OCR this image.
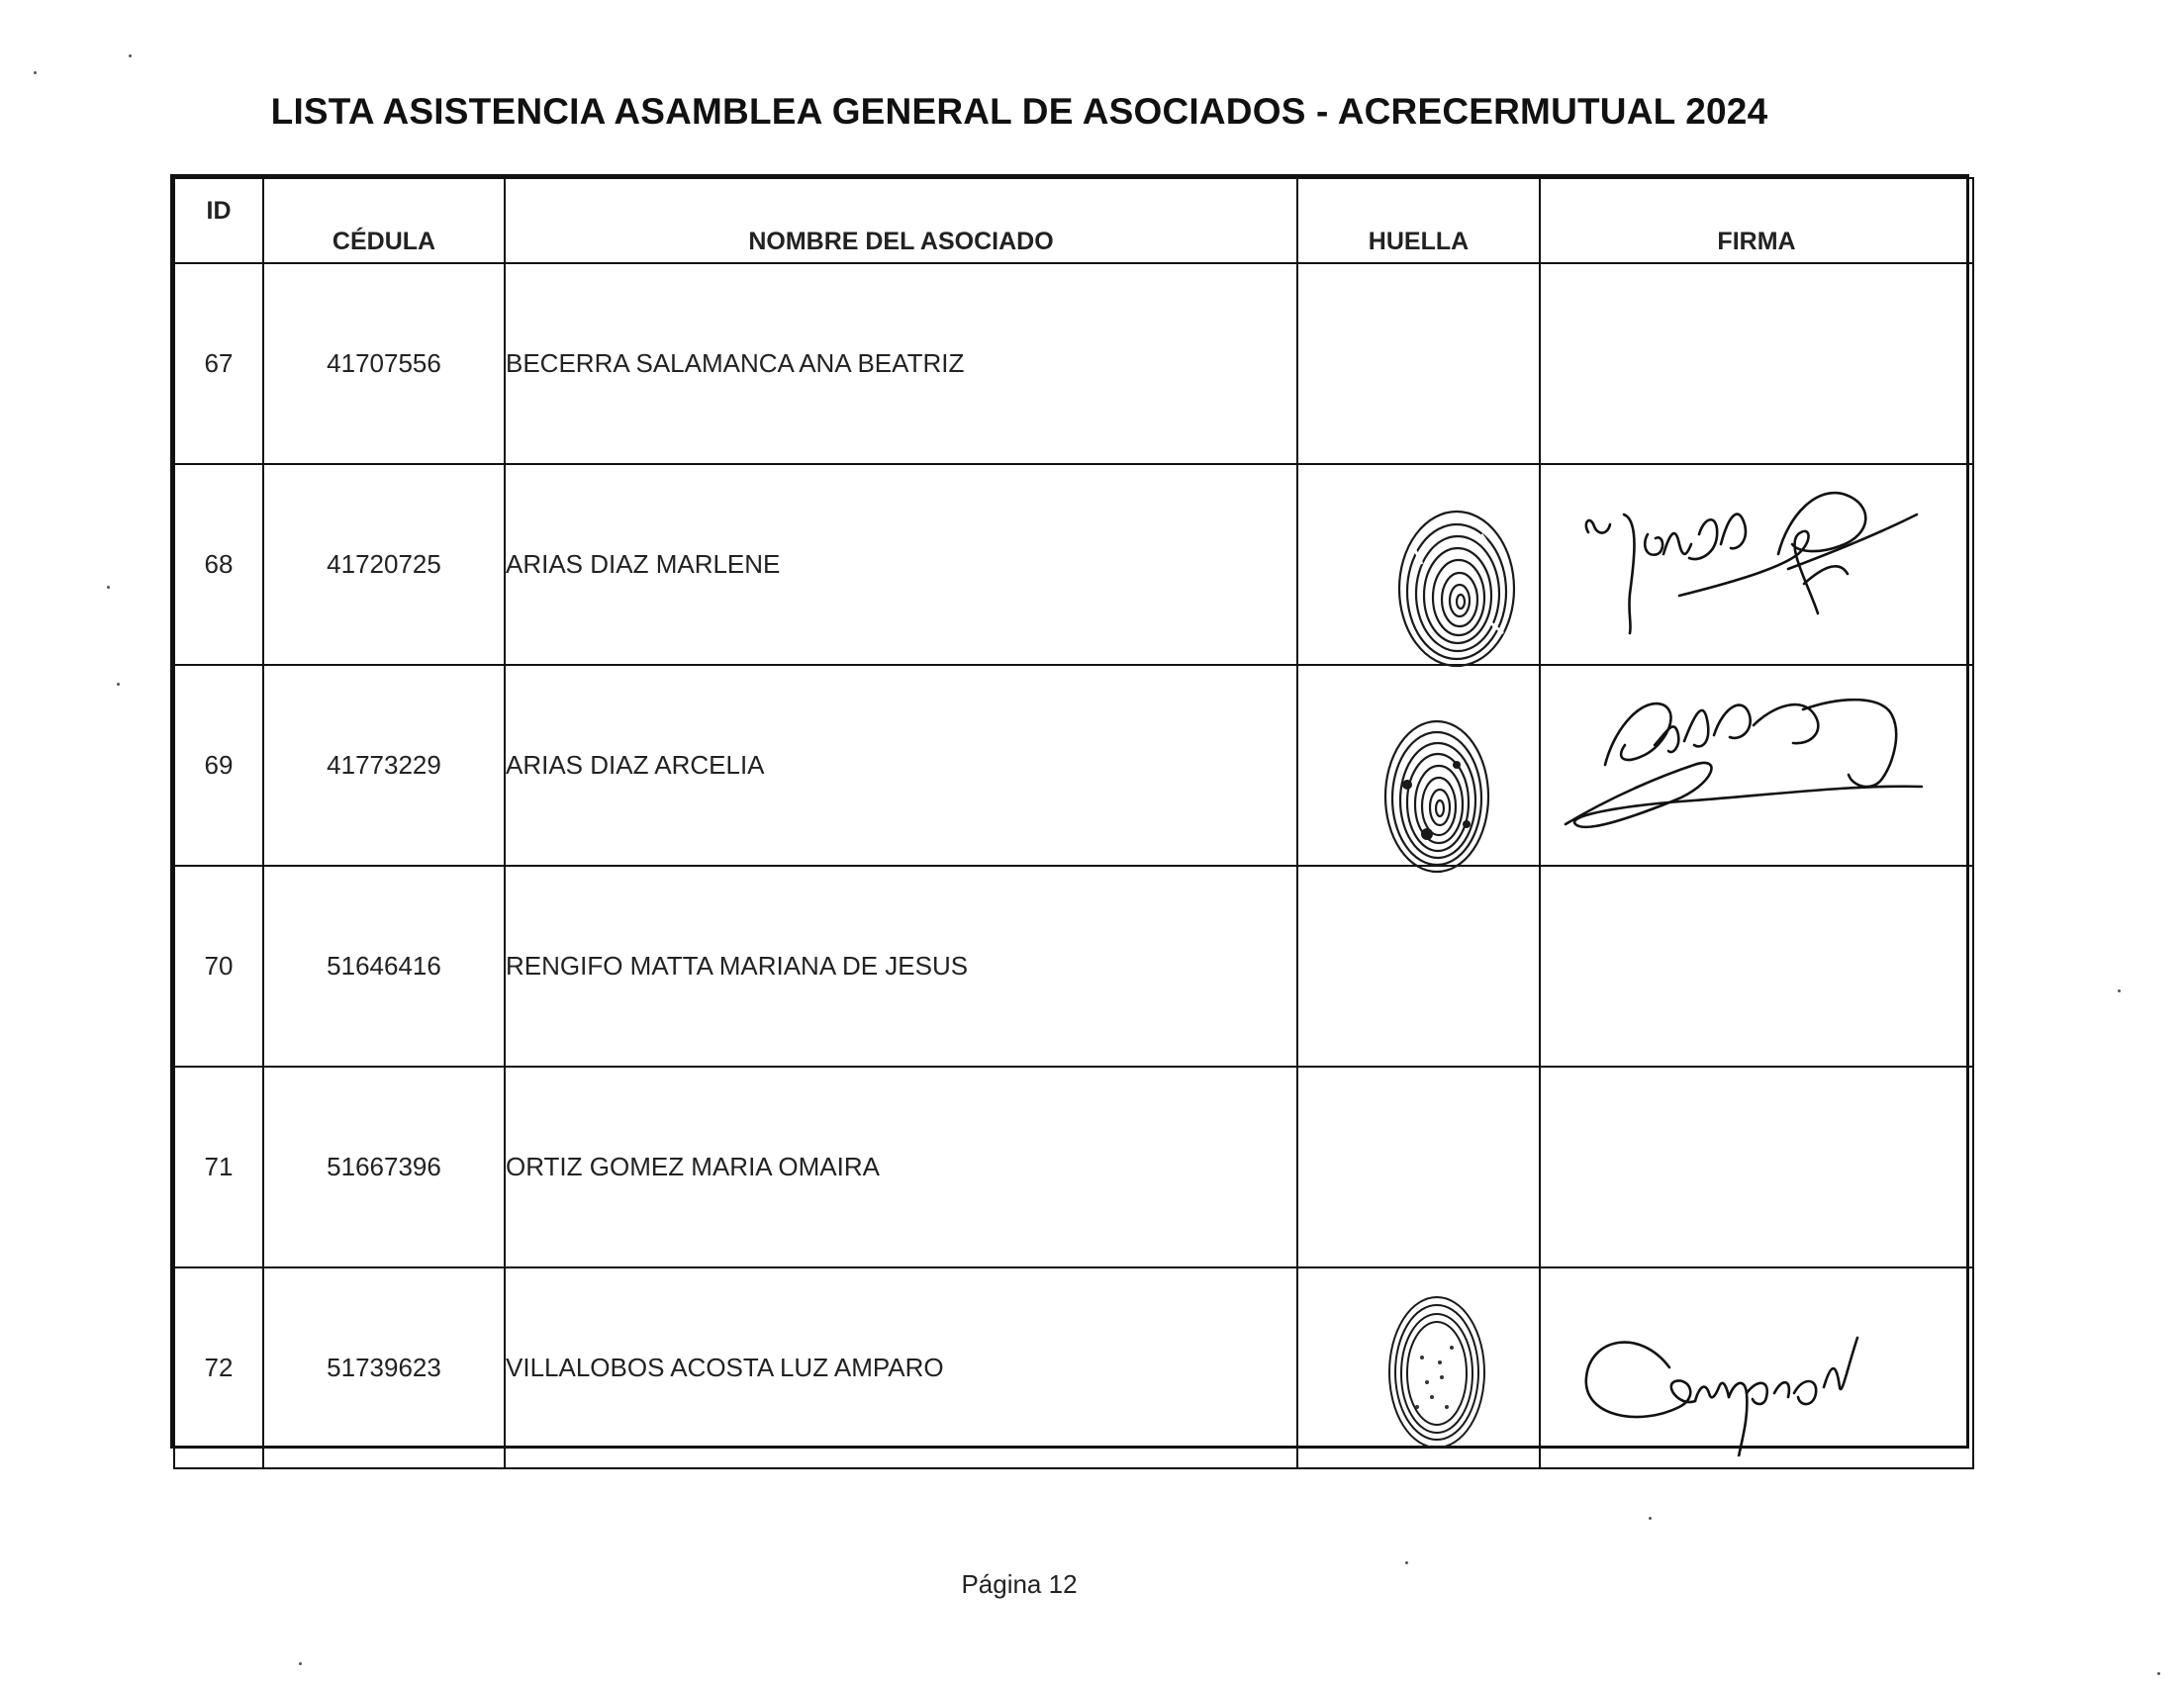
LISTA ASISTENCIA ASAMBLEA GENERAL DE ASOCIADOS - ACRECERMUTUAL 2024
ID	CÉDULA	NOMBRE DEL ASOCIADO	HUELLA	FIRMA
67	41707556	BECERRA SALAMANCA ANA BEATRIZ		
68	41720725	ARIAS DIAZ MARLENE	

69	41773229	ARIAS DIAZ ARCELIA	

70	51646416	RENGIFO MATTA MARIANA DE JESUS		
71	51667396	ORTIZ GOMEZ MARIA OMAIRA		
72	51739623	VILLALOBOS ACOSTA LUZ AMPARO	

Página 12
